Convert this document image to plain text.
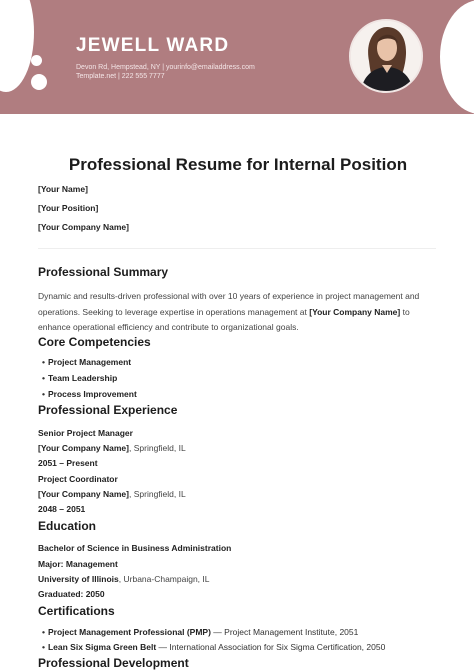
JEWELL WARD
Devon Rd, Hempstead, NY | yourinfo@emailaddress.com
Template.net | 222 555 7777
Professional Resume for Internal Position
[Your Name]
[Your Position]
[Your Company Name]
Professional Summary
Dynamic and results-driven professional with over 10 years of experience in project management and operations. Seeking to leverage expertise in operations management at [Your Company Name] to enhance operational efficiency and contribute to organizational goals.
Core Competencies
• Project Management
• Team Leadership
• Process Improvement
Professional Experience
Senior Project Manager
[Your Company Name], Springfield, IL
2051 – Present
Project Coordinator
[Your Company Name], Springfield, IL
2048 – 2051
Education
Bachelor of Science in Business Administration
Major: Management
University of Illinois, Urbana-Champaign, IL
Graduated: 2050
Certifications
• Project Management Professional (PMP) — Project Management Institute, 2051
• Lean Six Sigma Green Belt — International Association for Six Sigma Certification, 2050
Professional Development
